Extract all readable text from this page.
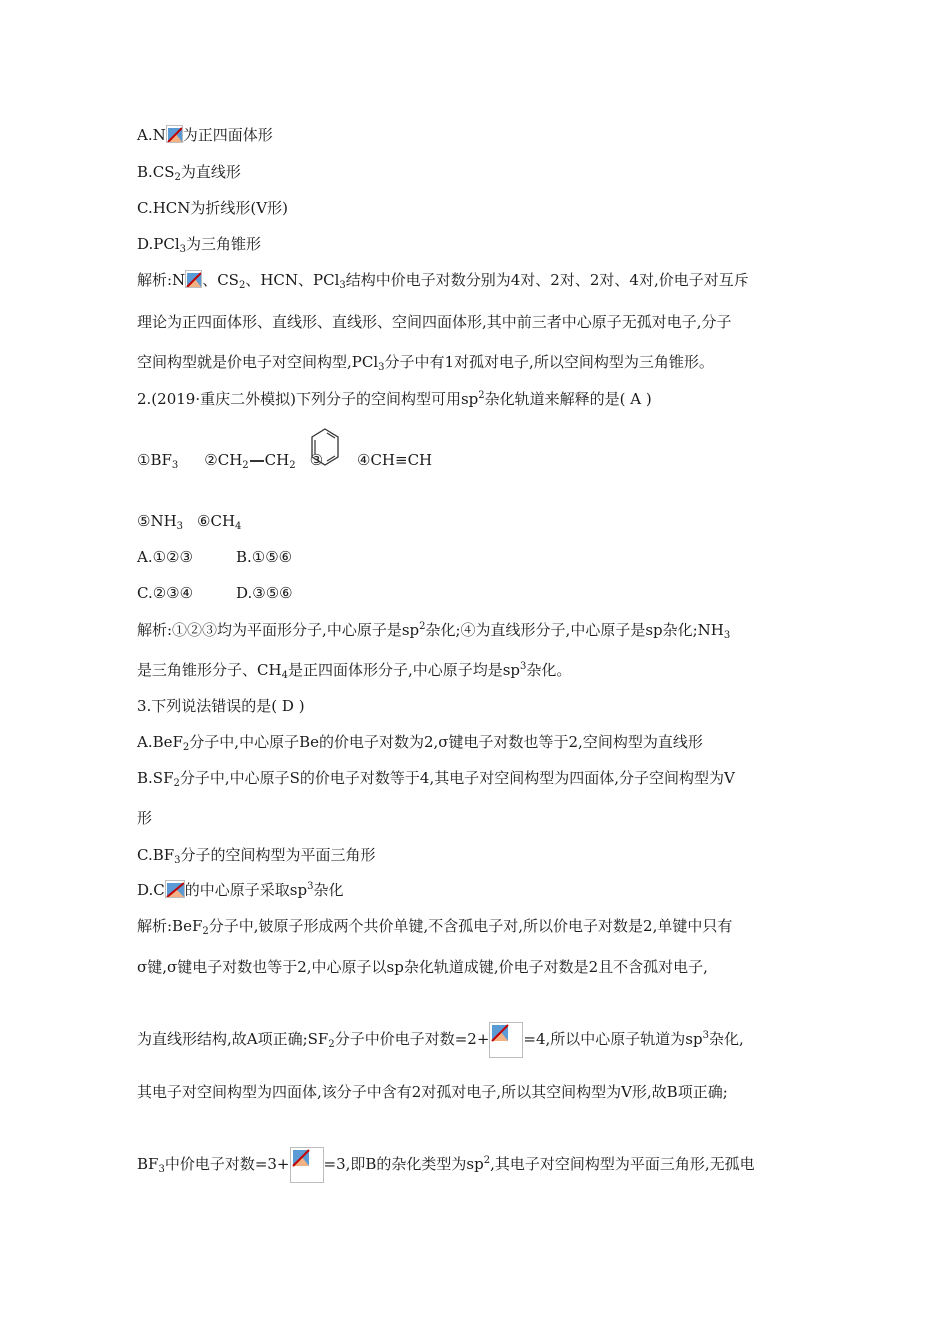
A.N 为正四面体形
$B.CS_2$为直线形
C.HCN为折线形(V形)
D.PCl$_3$为三角锥形
解析:N 、$CS_2$、HCN、PCl$_3$结构中价电子对数分别为4对、2对、2对、4对,价电子对互斥
理论为正四面体形、直线形、直线形、空间四面体形,其中前三者中心原子无孤对电子,分子
空间构型就是价电子对空间构型,PCl$_3$分子中有1对孤对电子,所以空间构型为三角锥形。
2.(2019·重庆二外模拟)下列分子的空间构型可用$sp^2$杂化轨道来解释的是( A )
$①BF_3$ $②CH_2$ $CH_2$ ③ ④CH≡CH
$⑤NH_3$ $⑥CH_4$
A.①②③	B.①⑤⑥
C.②③④	D.③⑤⑥
解析:①②③均为平面形分子,中心原子是$sp^2$杂化;④为直线形分子,中心原子是sp杂化$;NH_3$
是三角锥形分子、$CH_4$是正四面体形分子,中心原子均是$sp^3$杂化。
3.下列说法错误的是( D )
A.BeF$_2$分子中,中心原子Be的价电子对数为2,σ键电子对数也等于2,空间构型为直线形
$B.SF_2$分子中,中心原子S的价电子对数等于4,其电子对空间构型为四面体,分子空间构型为V
形
$C.BF_3$分子的空间构型为平面三角形
D.C 的中心原子采取$sp^3$杂化
解析:BeF$_2$分子中,铍原子形成两个共价单键,不含孤电子对,所以价电子对数是2,单键中只有
σ键,σ键电子对数也等于2,中心原子以sp杂化轨道成键,价电子对数是2且不含孤对电子,
为直线形结构,故A项正确$;SF_2$分子中价电子对数=2+ =4,所以中心原子轨道为$sp^3$杂化,
其电子对空间构型为四面体,该分子中含有2对孤对电子,所以其空间构型为V形,故B项正确;
$BF_3$中价电子对数=3+ =3,即B的杂化类型为$sp^2$,其电子对空间构型为平面三角形,无孤电
